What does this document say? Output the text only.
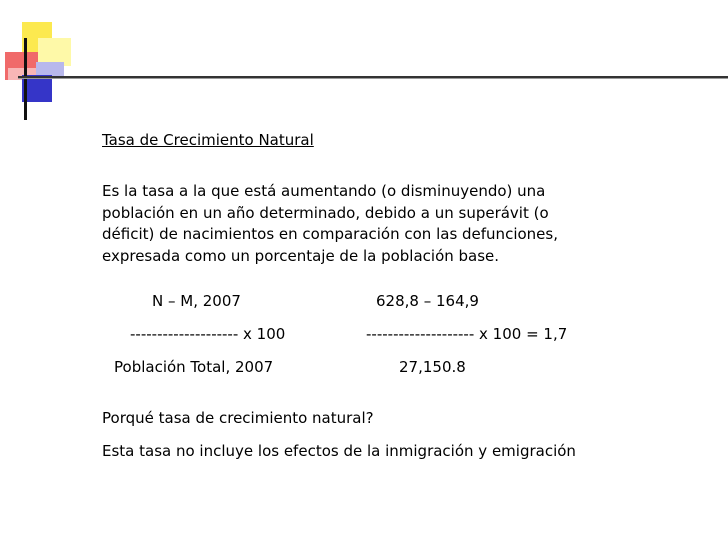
Tasa de Crecimiento Natural
Es la tasa a la que está aumentando (o disminuyendo) una
población en un año determinado, debido a un superávit (o
déficit) de nacimientos en comparación con las defunciones,
expresada como un porcentaje de la población base.
N – M, 2007	628,8 – 164,9
-------------------- x 100	-------------------- x 100 = 1,7
Población Total, 2007	27,150.8
Porqué tasa de crecimiento natural?
Esta tasa no incluye los efectos de la inmigración y emigración
